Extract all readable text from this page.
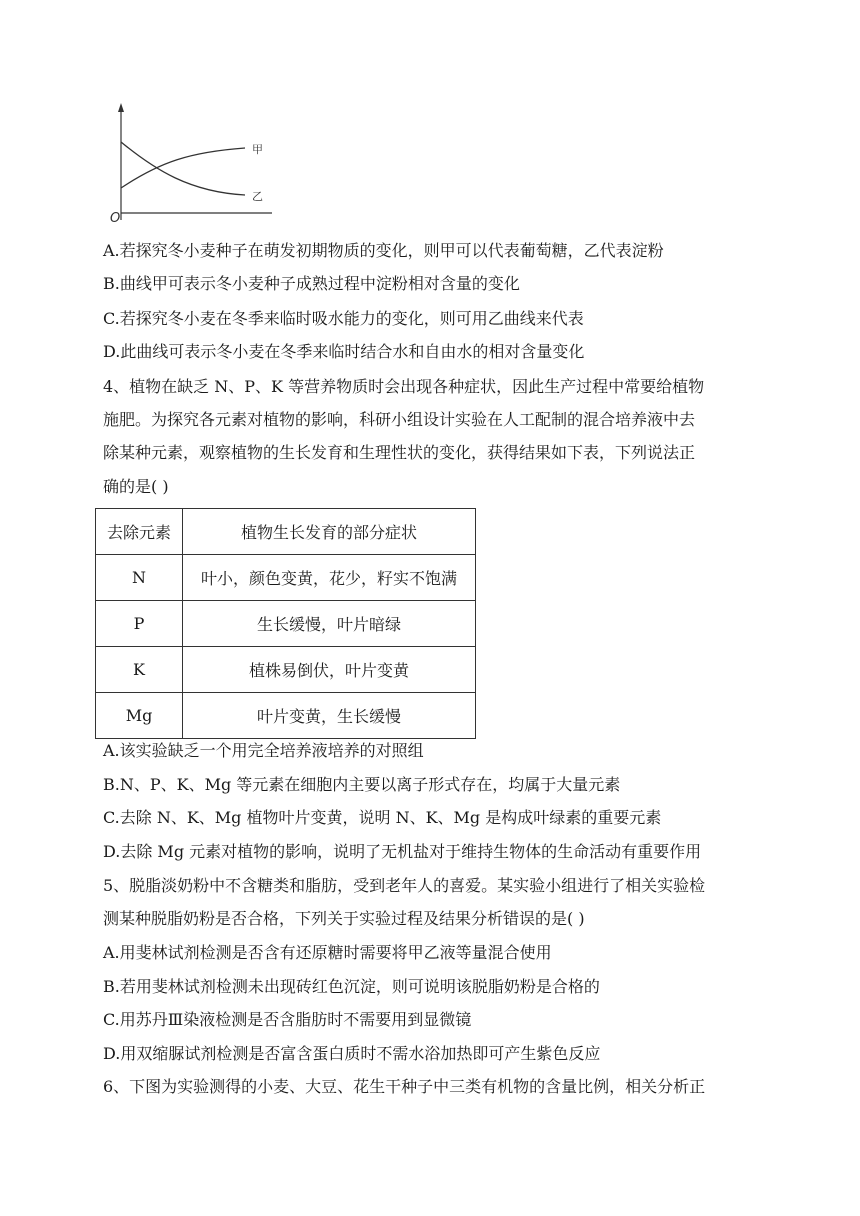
O
甲
乙
A.若探究冬小麦种子在萌发初期物质的变化，则甲可以代表葡萄糖，乙代表淀粉
B.曲线甲可表示冬小麦种子成熟过程中淀粉相对含量的变化
C.若探究冬小麦在冬季来临时吸水能力的变化，则可用乙曲线来代表
D.此曲线可表示冬小麦在冬季来临时结合水和自由水的相对含量变化
4、植物在缺乏 N、P、K 等营养物质时会出现各种症状，因此生产过程中常要给植物
施肥。为探究各元素对植物的影响，科研小组设计实验在人工配制的混合培养液中去
除某种元素，观察植物的生长发育和生理性状的变化，获得结果如下表，下列说法正
确的是( )
去除元素	植物生长发育的部分症状
N	叶小，颜色变黄，花少，籽实不饱满
P	生长缓慢，叶片暗绿
K	植株易倒伏，叶片变黄
Mg	叶片变黄，生长缓慢
A.该实验缺乏一个用完全培养液培养的对照组
B.N、P、K、Mg 等元素在细胞内主要以离子形式存在，均属于大量元素
C.去除 N、K、Mg 植物叶片变黄，说明 N、K、Mg 是构成叶绿素的重要元素
D.去除 Mg 元素对植物的影响，说明了无机盐对于维持生物体的生命活动有重要作用
5、脱脂淡奶粉中不含糖类和脂肪，受到老年人的喜爱。某实验小组进行了相关实验检
测某种脱脂奶粉是否合格，下列关于实验过程及结果分析错误的是( )
A.用斐林试剂检测是否含有还原糖时需要将甲乙液等量混合使用
B.若用斐林试剂检测未出现砖红色沉淀，则可说明该脱脂奶粉是合格的
C.用苏丹Ⅲ染液检测是否含脂肪时不需要用到显微镜
D.用双缩脲试剂检测是否富含蛋白质时不需水浴加热即可产生紫色反应
6、下图为实验测得的小麦、大豆、花生干种子中三类有机物的含量比例，相关分析正
